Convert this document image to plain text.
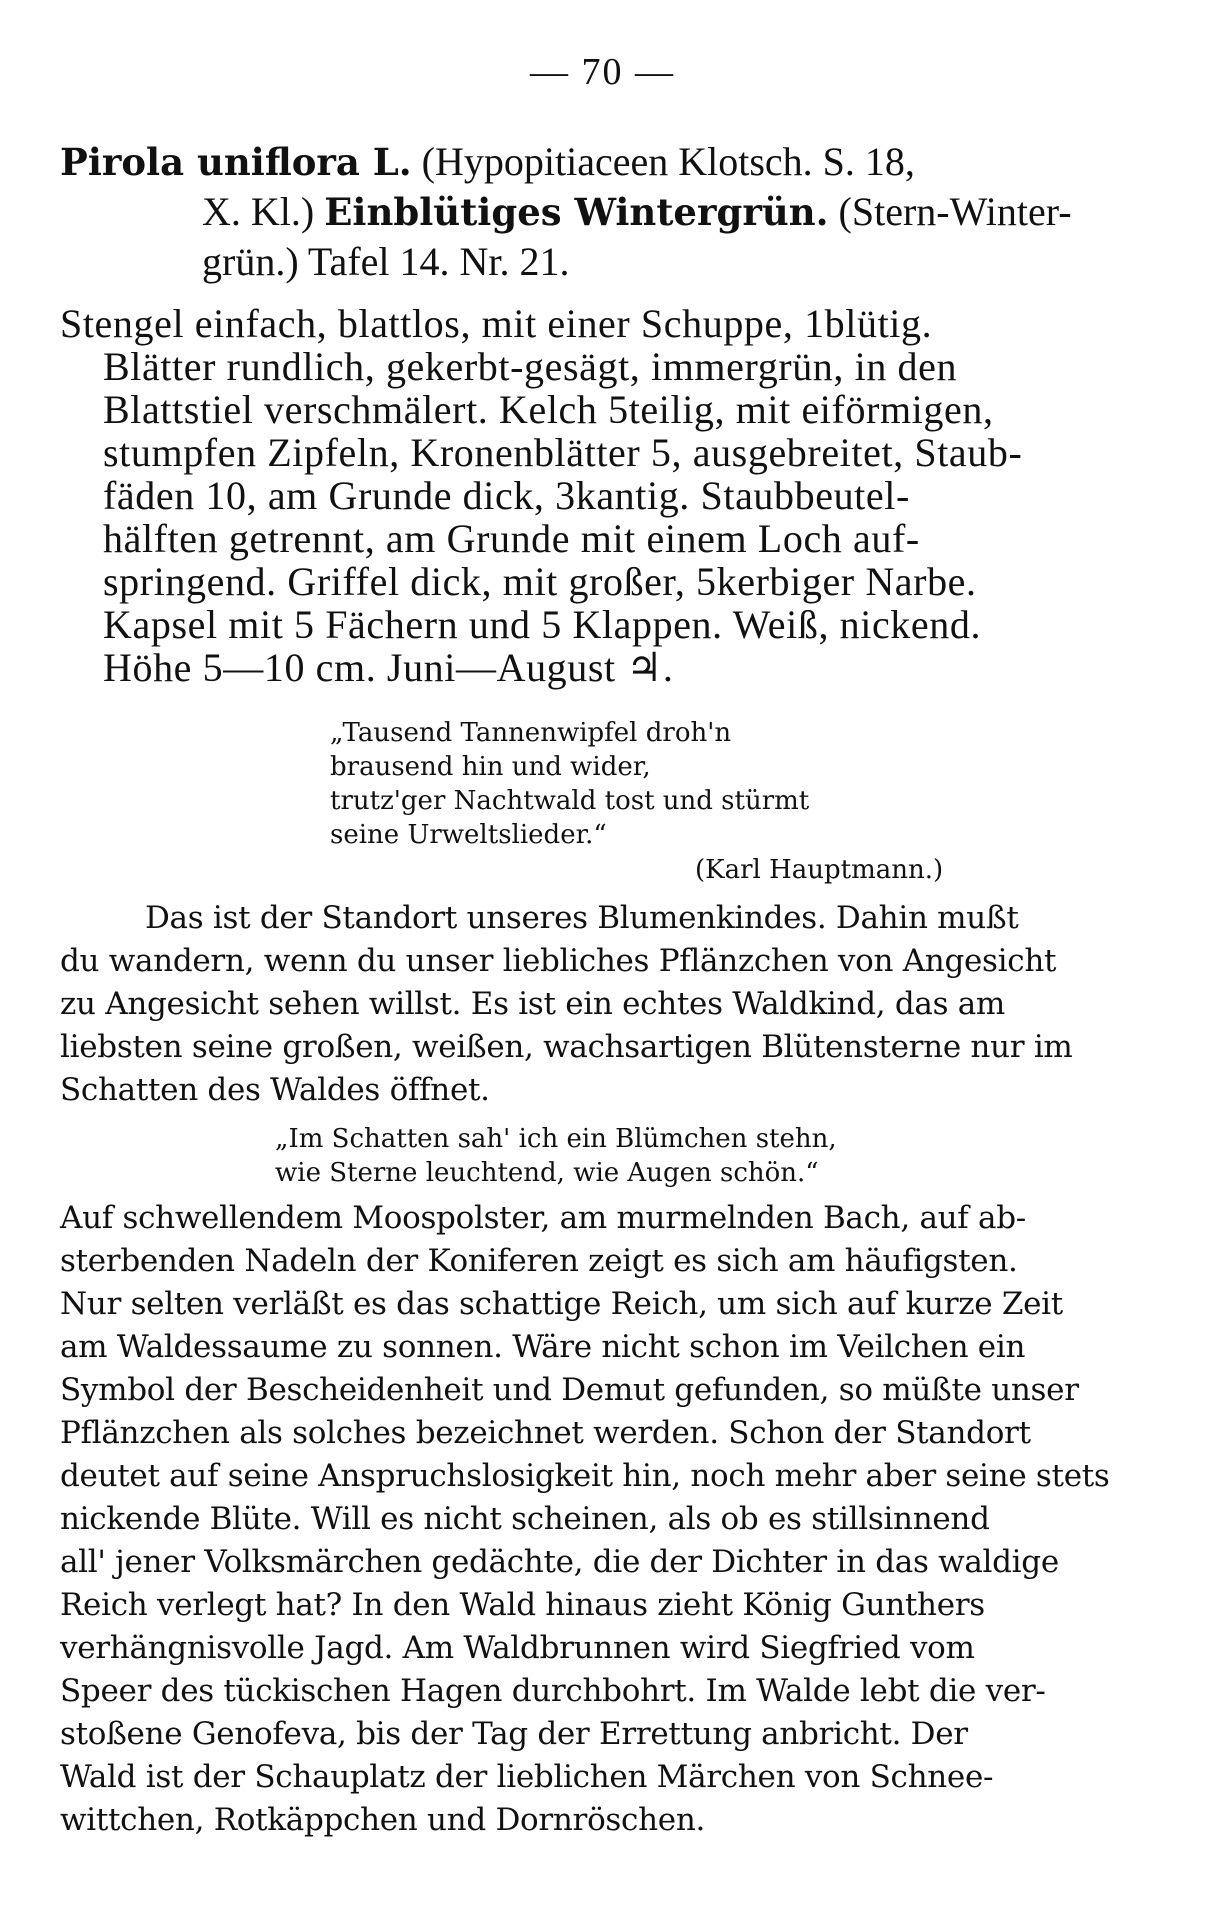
— 70 —
Pirola uniflora L. (Hypopitiaceen Klotsch. S. 18,
X. Kl.) Einblütiges Wintergrün. (Stern-Winter-
grün.) Tafel 14. Nr. 21.
Stengel einfach, blattlos, mit einer Schuppe, 1blütig.
Blätter rundlich, gekerbt-gesägt, immergrün, in den
Blattstiel verschmälert. Kelch 5teilig, mit eiförmigen,
stumpfen Zipfeln, Kronenblätter 5, ausgebreitet, Staub-
fäden 10, am Grunde dick, 3kantig. Staubbeutel-
hälften getrennt, am Grunde mit einem Loch auf-
springend. Griffel dick, mit großer, 5kerbiger Narbe.
Kapsel mit 5 Fächern und 5 Klappen. Weiß, nickend.
Höhe 5—10 cm. Juni—August ♃.
„Tausend Tannenwipfel droh'n
brausend hin und wider,
trutz'ger Nachtwald tost und stürmt
seine Urweltslieder.“
(Karl Hauptmann.)
Das ist der Standort unseres Blumenkindes. Dahin mußt
du wandern, wenn du unser liebliches Pflänzchen von Angesicht
zu Angesicht sehen willst. Es ist ein echtes Waldkind, das am
liebsten seine großen, weißen, wachsartigen Blütensterne nur im
Schatten des Waldes öffnet.
„Im Schatten sah' ich ein Blümchen stehn,
wie Sterne leuchtend, wie Augen schön.“
Auf schwellendem Moospolster, am murmelnden Bach, auf ab-
sterbenden Nadeln der Koniferen zeigt es sich am häufigsten.
Nur selten verläßt es das schattige Reich, um sich auf kurze Zeit
am Waldessaume zu sonnen. Wäre nicht schon im Veilchen ein
Symbol der Bescheidenheit und Demut gefunden, so müßte unser
Pflänzchen als solches bezeichnet werden. Schon der Standort
deutet auf seine Anspruchslosigkeit hin, noch mehr aber seine stets
nickende Blüte. Will es nicht scheinen, als ob es stillsinnend
all' jener Volksmärchen gedächte, die der Dichter in das waldige
Reich verlegt hat? In den Wald hinaus zieht König Gunthers
verhängnisvolle Jagd. Am Waldbrunnen wird Siegfried vom
Speer des tückischen Hagen durchbohrt. Im Walde lebt die ver-
stoßene Genofeva, bis der Tag der Errettung anbricht. Der
Wald ist der Schauplatz der lieblichen Märchen von Schnee-
wittchen, Rotkäppchen und Dornröschen.
